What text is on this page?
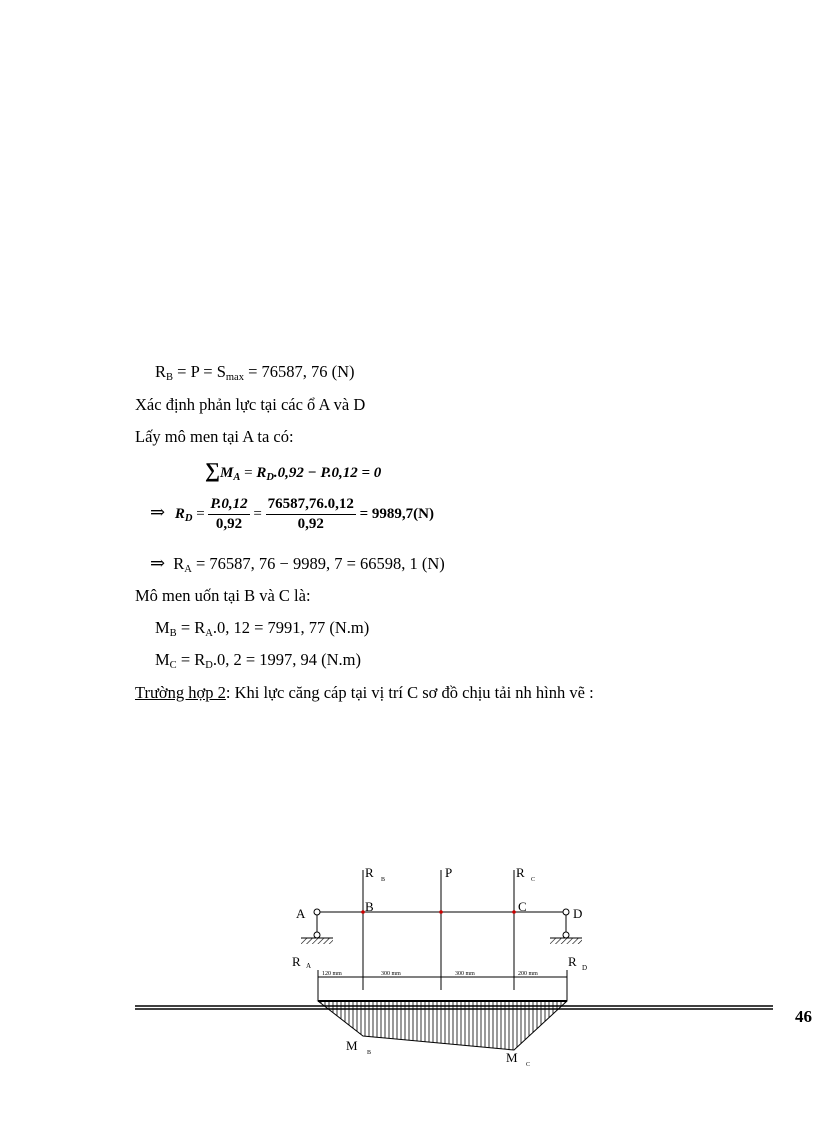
$R_B = P = S_{max} = 76587$, 76 (N)
Xác định phản lực tại các ổ A và D
Lấy mô men tại A ta có:
$\sum M_A = R_D.0,92 - P.0,12 = 0$
⇒ $R_D = \frac{P.0,12}{0,92} = \frac{76587,76.0,12}{0,92} = 9989,7(N)$
⇒ $R_A = 76587$, 76 − 9989, 7 = 66598, 1 (N)
Mô men uốn tại B và C là:
$M_B = R_A.0$, 12 = 7991, 77 (N.m)
$M_C = R_D.0$, 2 = 1997, 94 (N.m)
Trường hợp 2: Khi lực căng cáp tại vị trí C sơ đồ chịu tải nh hình vẽ :
120 mm	300 mm	300 mm	200 mm
A	B	C	D
P
R B	R C
R A	R D
M B	M C
46
